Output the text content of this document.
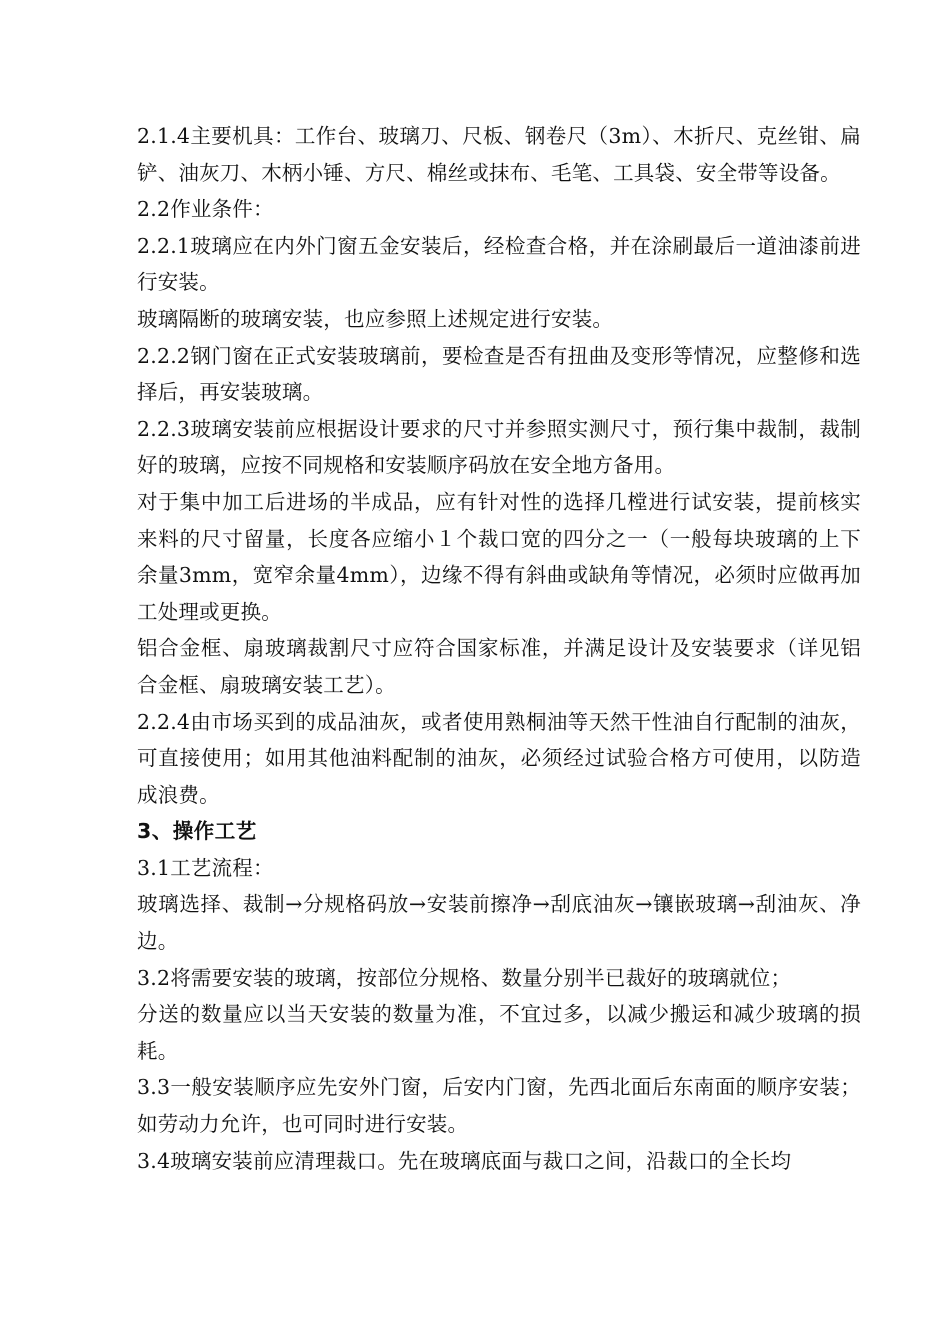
2.1.4主要机具：工作台、玻璃刀、尺板、钢卷尺（3m）、木折尺、克丝钳、扁铲、油灰刀、木柄小锤、方尺、棉丝或抹布、毛笔、工具袋、安全带等设备。

2.2作业条件：

2.2.1玻璃应在内外门窗五金安装后，经检查合格，并在涂刷最后一道油漆前进行安装。

玻璃隔断的玻璃安装，也应参照上述规定进行安装。

2.2.2钢门窗在正式安装玻璃前，要检查是否有扭曲及变形等情况，应整修和选择后，再安装玻璃。

2.2.3玻璃安装前应根据设计要求的尺寸并参照实测尺寸，预行集中裁制，裁制好的玻璃，应按不同规格和安装顺序码放在安全地方备用。

对于集中加工后进场的半成品，应有针对性的选择几樘进行试安装，提前核实来料的尺寸留量，长度各应缩小１个裁口宽的四分之一（一般每块玻璃的上下余量3mm，宽窄余量4mm），边缘不得有斜曲或缺角等情况，必须时应做再加工处理或更换。

铝合金框、扇玻璃裁割尺寸应符合国家标准，并满足设计及安装要求（详见铝合金框、扇玻璃安装工艺）。

2.2.4由市场买到的成品油灰，或者使用熟桐油等天然干性油自行配制的油灰，可直接使用；如用其他油料配制的油灰，必须经过试验合格方可使用，以防造成浪费。

3、操作工艺

3.1工艺流程：

玻璃选择、裁制→分规格码放→安装前擦净→刮底油灰→镶嵌玻璃→刮油灰、净边。

3.2将需要安装的玻璃，按部位分规格、数量分别半已裁好的玻璃就位；

分送的数量应以当天安装的数量为准，不宜过多，以减少搬运和减少玻璃的损耗。

3.3一般安装顺序应先安外门窗，后安内门窗，先西北面后东南面的顺序安装；如劳动力允许，也可同时进行安装。

3.4玻璃安装前应清理裁口。先在玻璃底面与裁口之间，沿裁口的全长均
